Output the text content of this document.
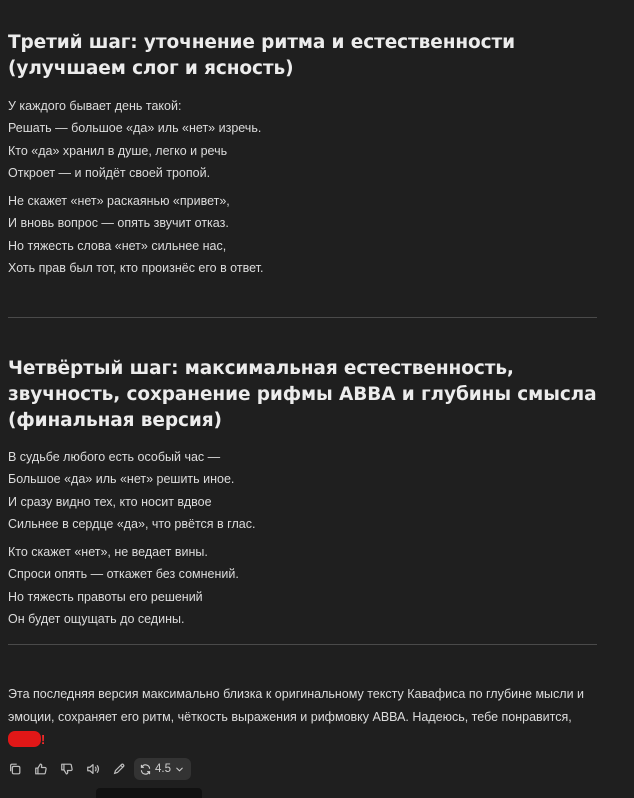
Третий шаг: уточнение ритма и естественности (улучшаем слог и ясность)
У каждого бывает день такой:
Решать — большое «да» иль «нет» изречь.
Кто «да» хранил в душе, легко и речь
Откроет — и пойдёт своей тропой.
Не скажет «нет» раскаянью «привет»,
И вновь вопрос — опять звучит отказ.
Но тяжесть слова «нет» сильнее нас,
Хоть прав был тот, кто произнёс его в ответ.
Четвёртый шаг: максимальная естественность, звучность, сохранение рифмы АВВА и глубины смысла (финальная версия)
В судьбе любого есть особый час —
Большое «да» иль «нет» решить иное.
И сразу видно тех, кто носит вдвое
Сильнее в сердце «да», что рвётся в глас.
Кто скажет «нет», не ведает вины.
Спроси опять — откажет без сомнений.
Но тяжесть правоты его решений
Он будет ощущать до седины.
Эта последняя версия максимально близка к оригинальному тексту Кавафиса по глубине мысли и эмоции, сохраняет его ритм, чёткость выражения и рифмовку АВВА. Надеюсь, тебе понравится,
!
4.5
